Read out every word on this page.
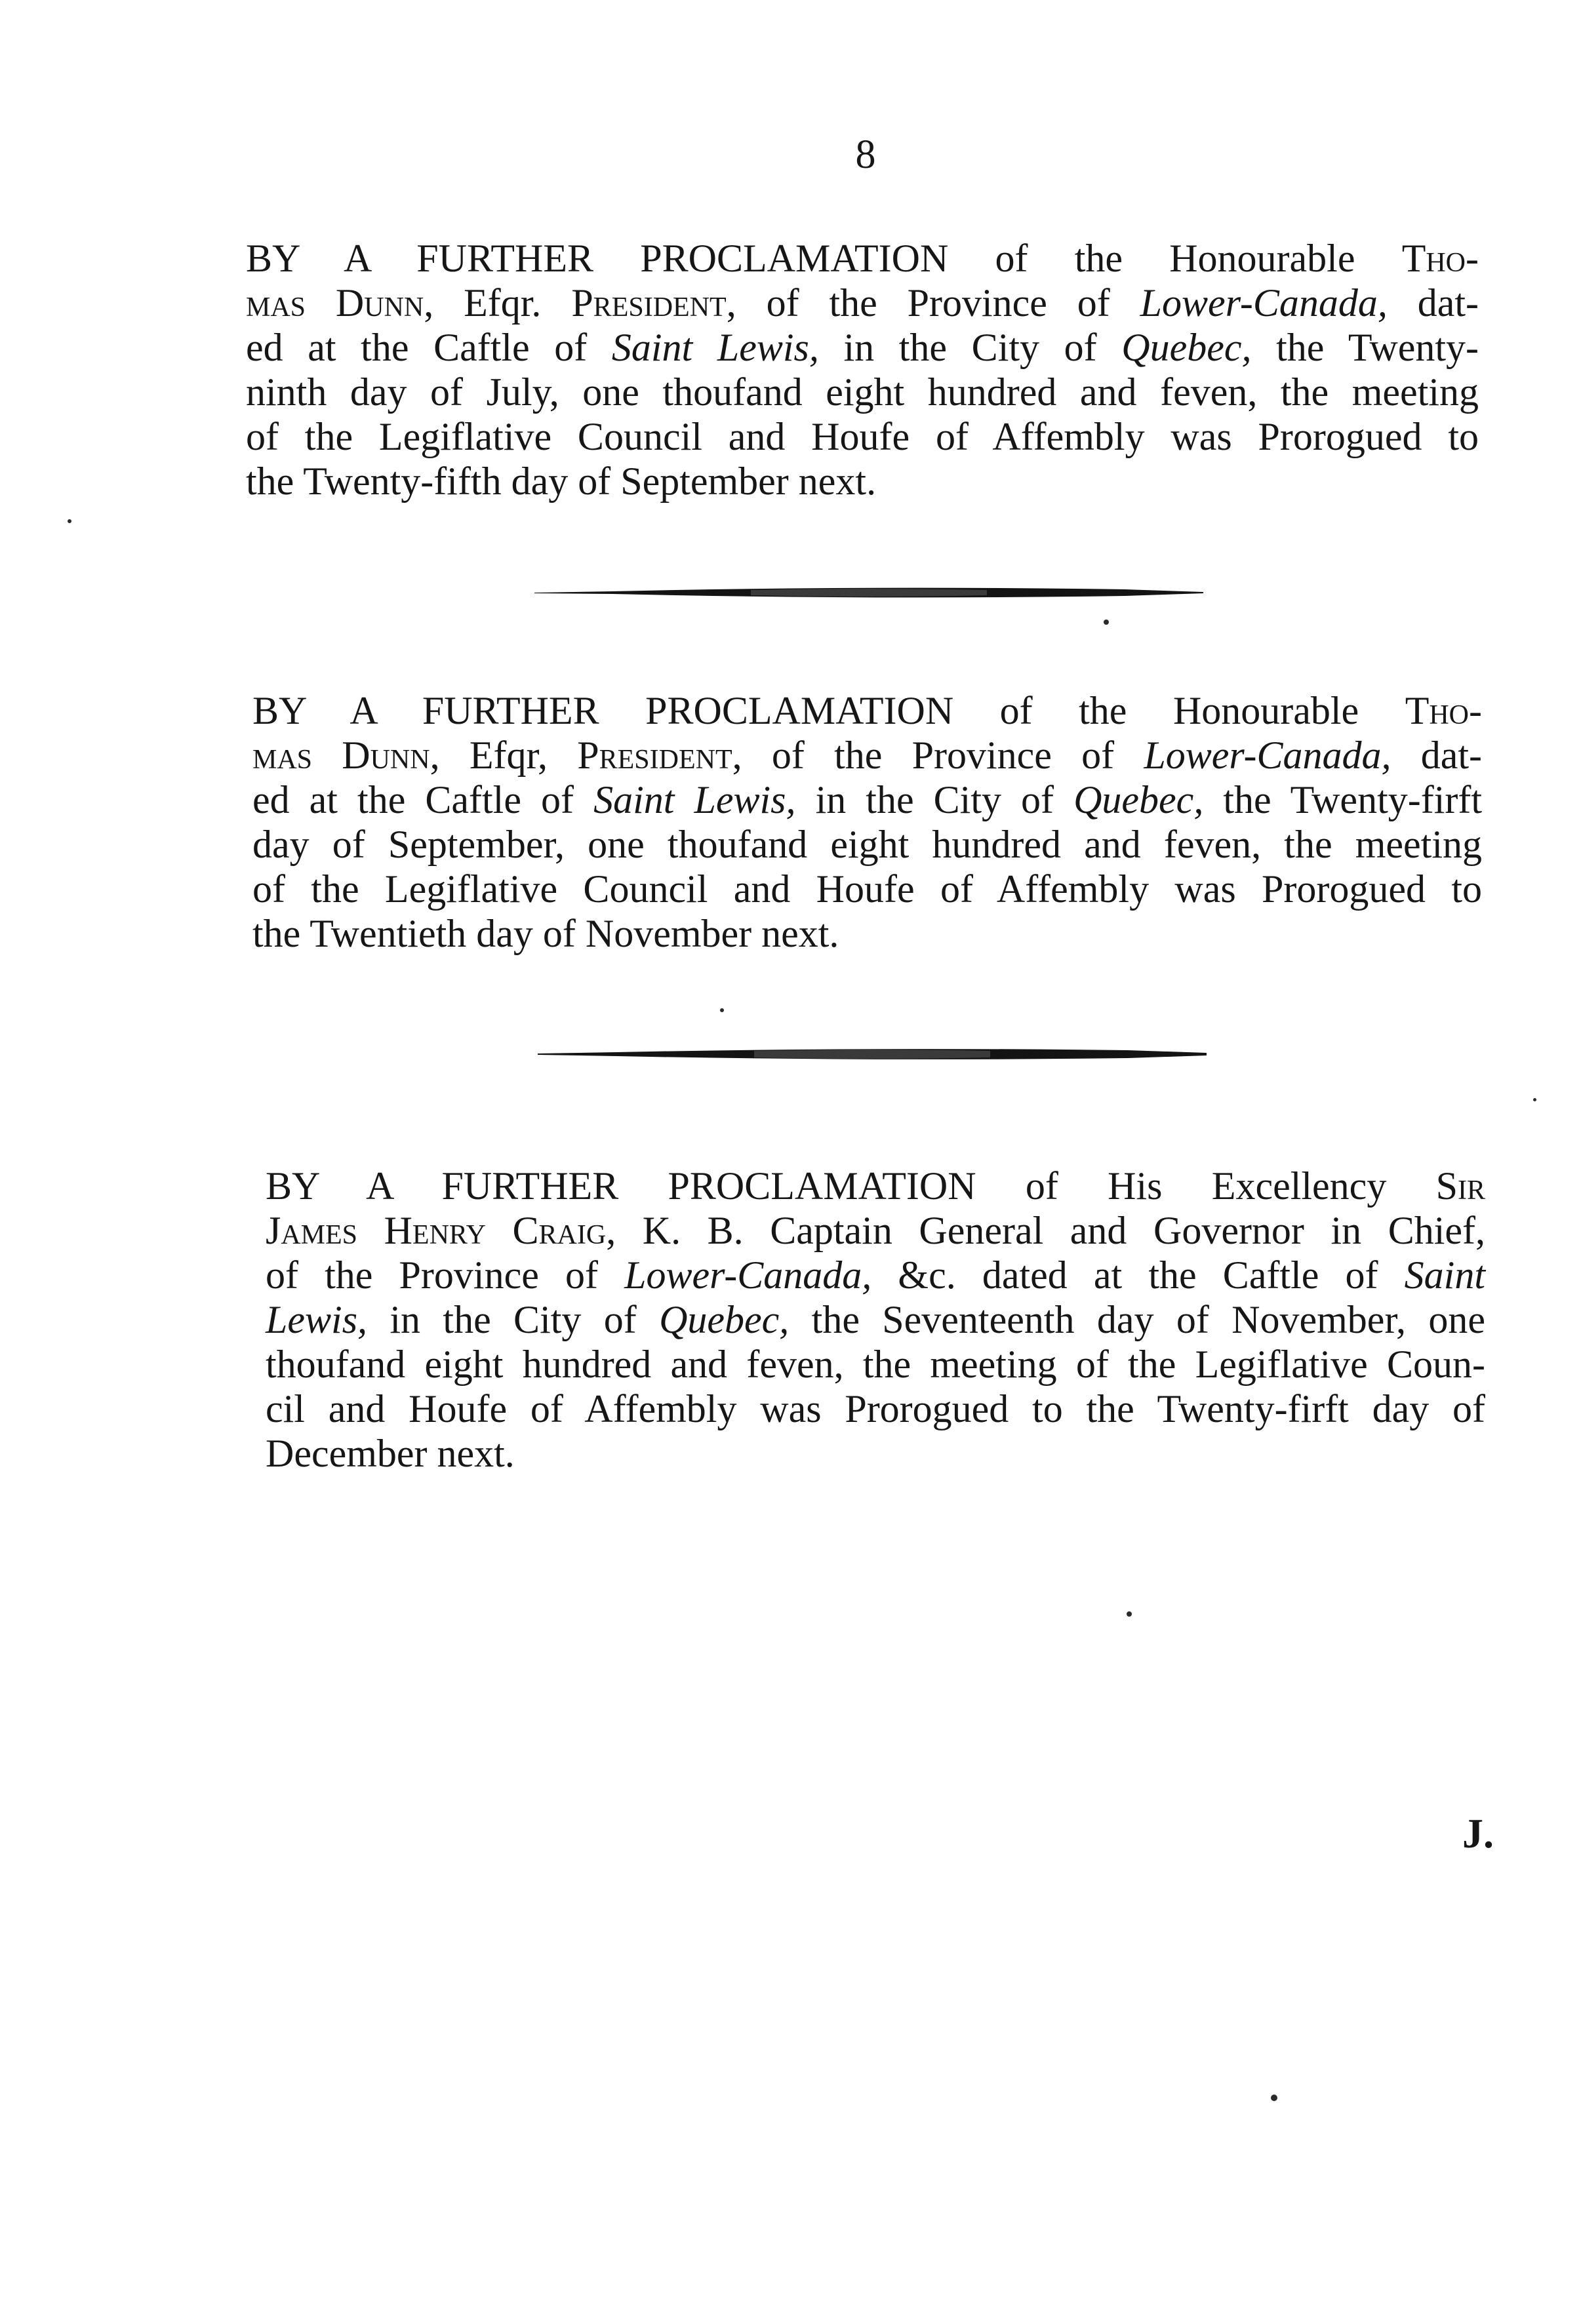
8
BY A FURTHER PROCLAMATION of the Honourable Tho-
mas Dunn, Efqr. President, of the Province of Lower-Canada, dat-
ed at the Caftle of Saint Lewis, in the City of Quebec, the Twenty-
ninth day of July, one thoufand eight hundred and feven, the meeting
of the Legiflative Council and Houfe of Affembly was Prorogued to
the Twenty-fifth day of September next.
BY A FURTHER PROCLAMATION of the Honourable Tho-
mas Dunn, Efqr, President, of the Province of Lower-Canada, dat-
ed at the Caftle of Saint Lewis, in the City of Quebec, the Twenty-firft
day of September, one thoufand eight hundred and feven, the meeting
of the Legiflative Council and Houfe of Affembly was Prorogued to
the Twentieth day of November next.
BY A FURTHER PROCLAMATION of His Excellency Sir
James Henry Craig, K. B. Captain General and Governor in Chief,
of the Province of Lower-Canada, &c. dated at the Caftle of Saint
Lewis, in the City of Quebec, the Seventeenth day of November, one
thoufand eight hundred and feven, the meeting of the Legiflative Coun-
cil and Houfe of Affembly was Prorogued to the Twenty-firft day of
December next.
J.
